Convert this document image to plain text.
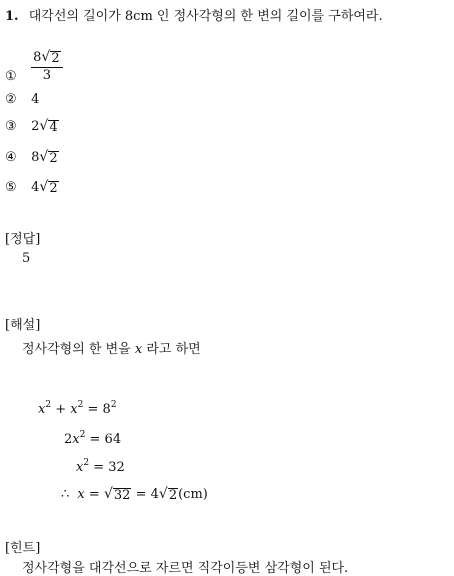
1. 대각선의 길이가 8cm 인 정사각형의 한 변의 길이를 구하여라.
① $\frac{8 √ 2}{3}$
② 4
③ 2 √ 4
④ 8 √ 2
⑤ 4 √ 2
[정답]
5
[해설]
정사각형의 한 변을 x 라고 하면
$x^2 + x^2 = 8^2$
$2x^2 = 64$
$x^2 = 32$
∴ x = √ 32 = 4 √ 2 (cm)
[힌트]
정사각형을 대각선으로 자르면 직각이등변 삼각형이 된다.
